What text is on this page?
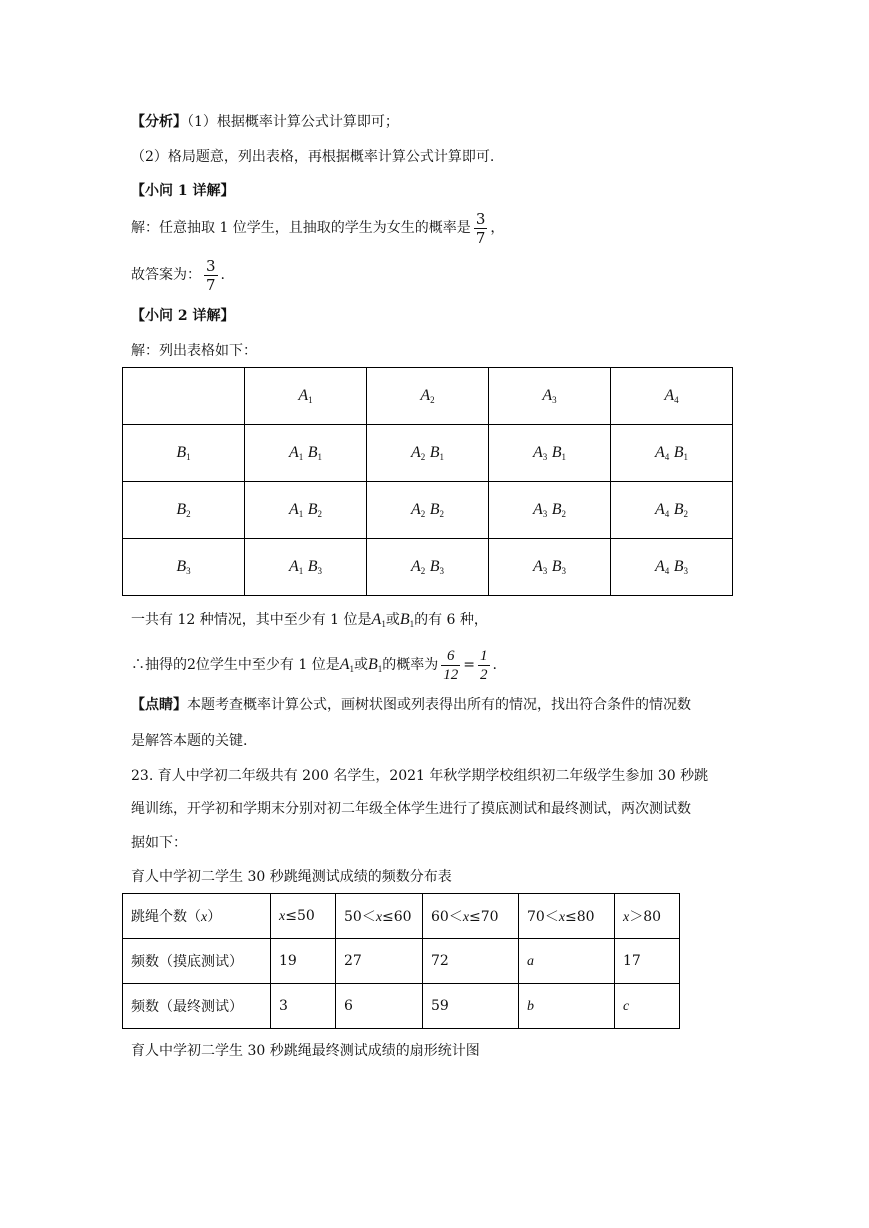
【分析】（1）根据概率计算公式计算即可；
（2）格局题意，列出表格，再根据概率计算公式计算即可.
【小问 1 详解】
解：任意抽取 1 位学生，且抽取的学生为女生的概率是 $\frac{3}{7}$ ，
故答案为： $\frac{3}{7}$ .
【小问 2 详解】
解：列出表格如下：
	$A_1$	$A_2$	$A_3$	$A_4$
$B_1$	$A_1$ $B_1$	$A_2$ $B_1$	$A_3$ $B_1$	$A_4$ $B_1$
$B_2$	$A_1$ $B_2$	$A_2$ $B_2$	$A_3$ $B_2$	$A_4$ $B_2$
$B_3$	$A_1$ $B_3$	$A_2$ $B_3$	$A_3$ $B_3$	$A_4$ $B_3$
一共有 12 种情况，其中至少有 1 位是$A_1$或$B_1$的有 6 种，
∴抽得的2位学生中至少有 1 位是$A_1$或$B_1$的概率为 $\frac{6}{12} = \frac{1}{2}$ .
【点睛】本题考查概率计算公式，画树状图或列表得出所有的情况，找出符合条件的情况数
是解答本题的关键.
23. 育人中学初二年级共有 200 名学生，2021 年秋学期学校组织初二年级学生参加 30 秒跳
绳训练，开学初和学期末分别对初二年级全体学生进行了摸底测试和最终测试，两次测试数
据如下：
育人中学初二学生 30 秒跳绳测试成绩的频数分布表
跳绳个数（x）	x≤50	50＜x≤60	60＜x≤70	70＜x≤80	x＞80
频数（摸底测试）	19	27	72	a	17
频数（最终测试）	3	6	59	b	c
育人中学初二学生 30 秒跳绳最终测试成绩的扇形统计图
